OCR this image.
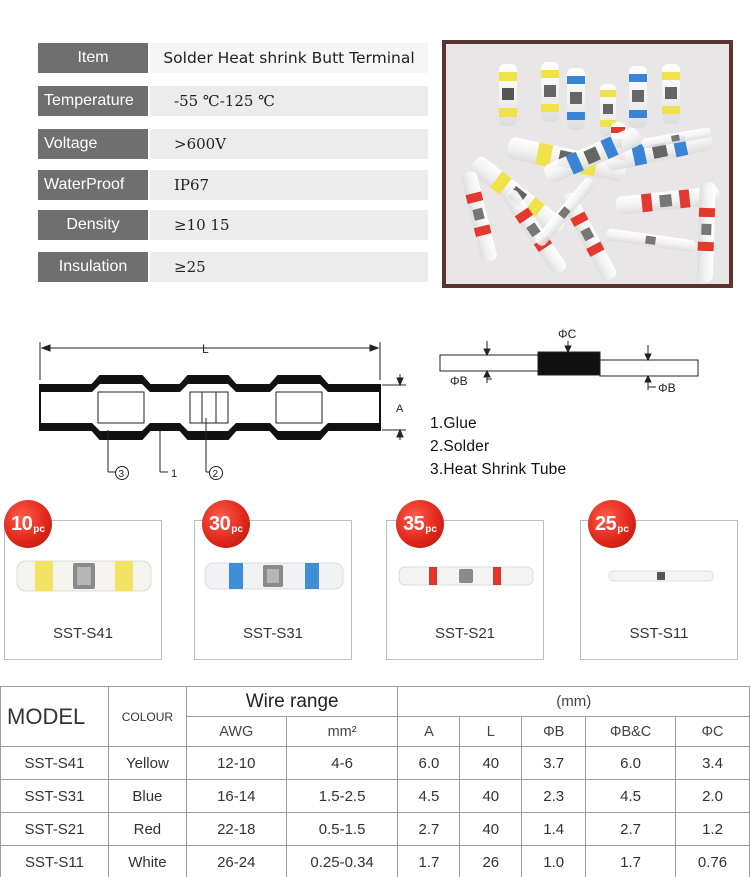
Item	Solder Heat shrink Butt Terminal
Temperature	-55 ℃-125 ℃
Voltage	>600V
WaterProof	IP67
Density	≥10 15
Insulation	≥25
L
A
3	1	2
ΦC
ΦB	ΦB
1.Glue
2.Solder
3.Heat Shrink Tube
SST-S41
10 pc
SST-S31
30 pc
SST-S21
35 pc
SST-S11
25 pc
MODEL	COLOUR	Wire range		(mm)				
		AWG	mm²	A	L	ΦB	ΦB&C	ΦC
SST-S41	Yellow	12-10	4-6	6.0	40	3.7	6.0	3.4
SST-S31	Blue	16-14	1.5-2.5	4.5	40	2.3	4.5	2.0
SST-S21	Red	22-18	0.5-1.5	2.7	40	1.4	2.7	1.2
SST-S11	White	26-24	0.25-0.34	1.7	26	1.0	1.7	0.76
